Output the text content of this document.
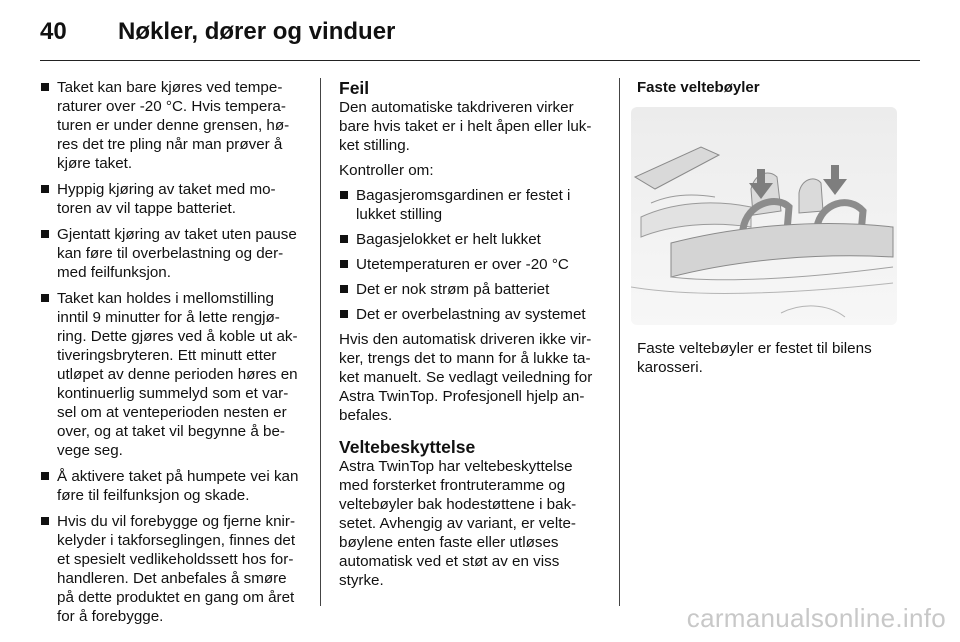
40 Nøkler, dører og vinduer
Taket kan bare kjøres ved tempe-raturer over -20 °C. Hvis tempera-turen er under denne grensen, hø-res det tre pling når man prøver å kjøre taket.
Hyppig kjøring av taket med mo-toren av vil tappe batteriet.
Gjentatt kjøring av taket uten pause kan føre til overbelastning og der-med feilfunksjon.
Taket kan holdes i mellomstilling inntil 9 minutter for å lette rengjø-ring. Dette gjøres ved å koble ut ak-tiveringsbryteren. Ett minutt etter utløpet av denne perioden høres en kontinuerlig summelyd som et var-sel om at venteperioden nesten er over, og at taket vil begynne å be-vege seg.
Å aktivere taket på humpete vei kan føre til feilfunksjon og skade.
Hvis du vil forebygge og fjerne knir-kelyder i takforseglingen, finnes det et spesielt vedlikeholdssett hos for-handleren. Det anbefales å smøre på dette produktet en gang om året for å forebygge.
Feil

Den automatiske takdriveren virker bare hvis taket er i helt åpen eller luk-ket stilling.

Kontroller om:

Bagasjeromsgardinen er festet i lukket stilling
Bagasjelokket er helt lukket
Utetemperaturen er over -20 °C
Det er nok strøm på batteriet
Det er overbelastning av systemet

Hvis den automatisk driveren ikke vir-ker, trengs det to mann for å lukke ta-ket manuelt. Se vedlagt veiledning for Astra TwinTop. Profesjonell hjelp an-befales.

Veltebeskyttelse

Astra TwinTop har veltebeskyttelse med forsterket frontruteramme og veltebøyler bak hodestøttene i bak-setet. Avhengig av variant, er velte-bøylene enten faste eller utløses automatisk ved et støt av en viss styrke.

Faste veltebøyler

Faste veltebøyler er festet til bilens karosseri.

carmanualsonline.info
